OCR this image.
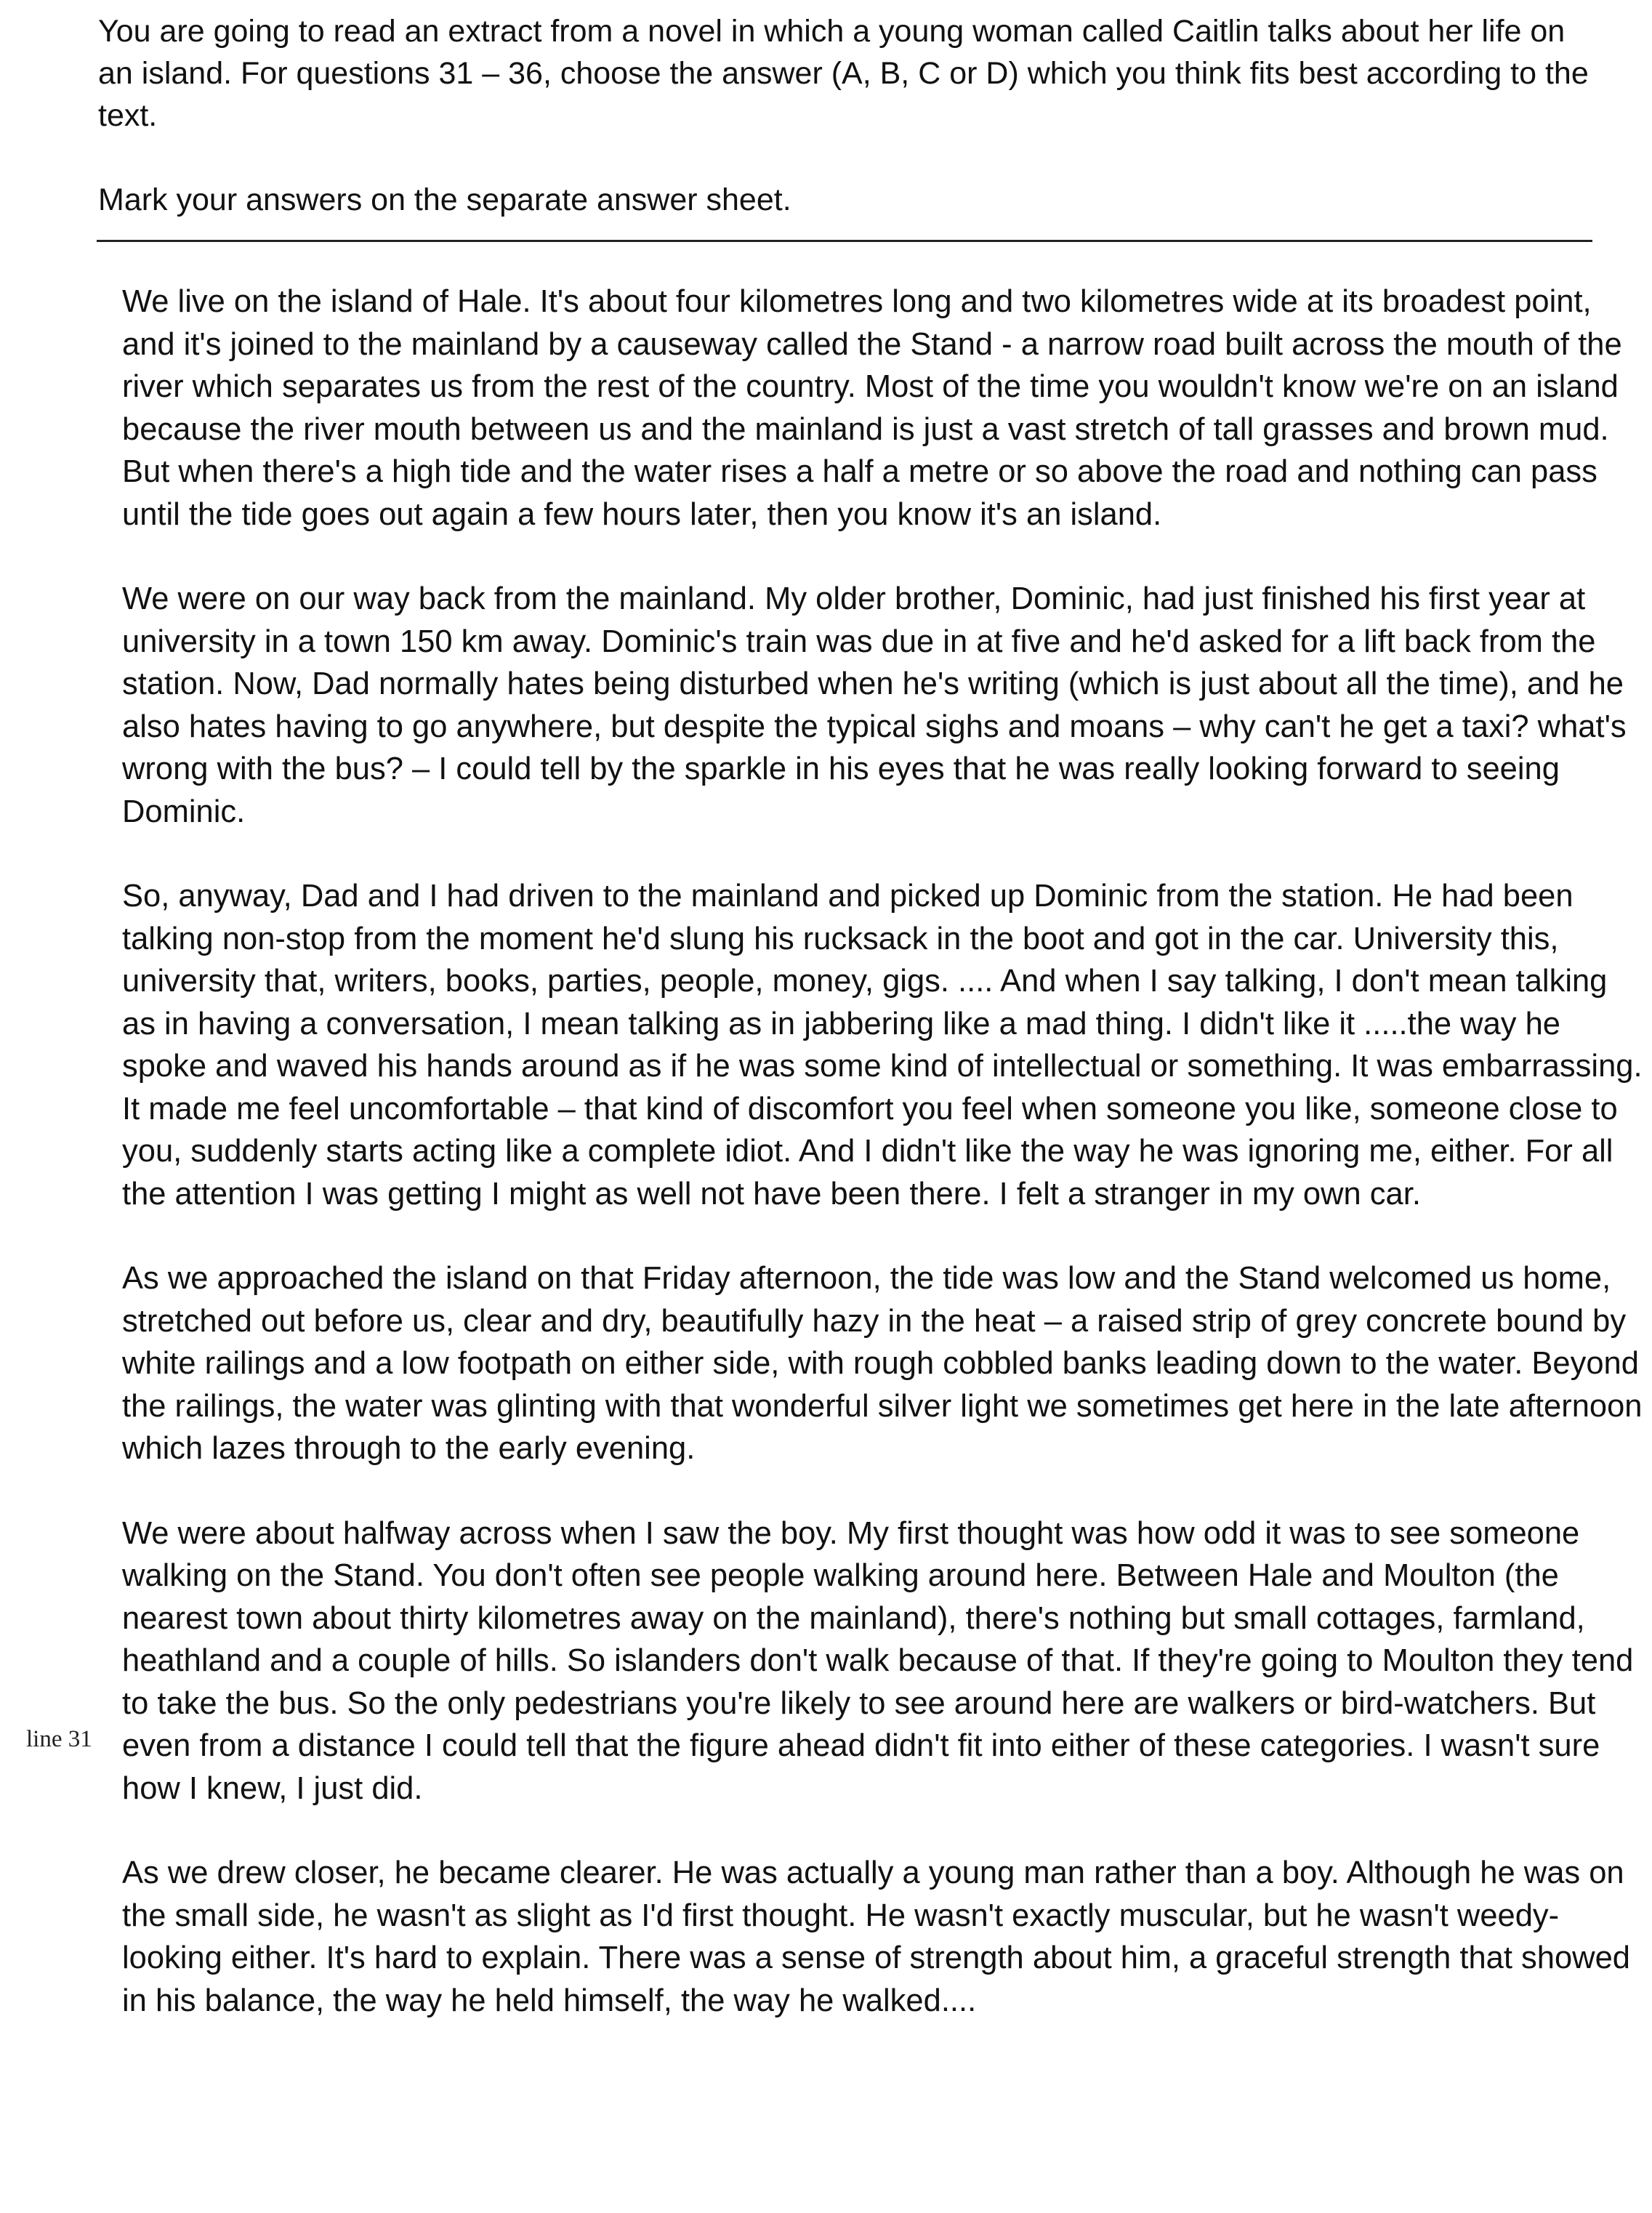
You are going to read an extract from a novel in which a young woman called Caitlin talks about her life on an island. For questions 31 – 36, choose the answer (A, B, C or D) which you think fits best according to the text.

Mark your answers on the separate answer sheet.

We live on the island of Hale. It's about four kilometres long and two kilometres wide at its broadest point, and it's joined to the mainland by a causeway called the Stand - a narrow road built across the mouth of the river which separates us from the rest of the country. Most of the time you wouldn't know we're on an island because the river mouth between us and the mainland is just a vast stretch of tall grasses and brown mud. But when there's a high tide and the water rises a half a metre or so above the road and nothing can pass until the tide goes out again a few hours later, then you know it's an island.

We were on our way back from the mainland. My older brother, Dominic, had just finished his first year at university in a town 150 km away. Dominic's train was due in at five and he'd asked for a lift back from the station. Now, Dad normally hates being disturbed when he's writing (which is just about all the time), and he also hates having to go anywhere, but despite the typical sighs and moans – why can't he get a taxi? what's wrong with the bus? – I could tell by the sparkle in his eyes that he was really looking forward to seeing Dominic.

So, anyway, Dad and I had driven to the mainland and picked up Dominic from the station. He had been talking non-stop from the moment he'd slung his rucksack in the boot and got in the car. University this, university that, writers, books, parties, people, money, gigs. .... And when I say talking, I don't mean talking as in having a conversation, I mean talking as in jabbering like a mad thing. I didn't like it .....the way he spoke and waved his hands around as if he was some kind of intellectual or something. It was embarrassing. It made me feel uncomfortable – that kind of discomfort you feel when someone you like, someone close to you, suddenly starts acting like a complete idiot. And I didn't like the way he was ignoring me, either. For all the attention I was getting I might as well not have been there. I felt a stranger in my own car.

As we approached the island on that Friday afternoon, the tide was low and the Stand welcomed us home, stretched out before us, clear and dry, beautifully hazy in the heat – a raised strip of grey concrete bound by white railings and a low footpath on either side, with rough cobbled banks leading down to the water. Beyond the railings, the water was glinting with that wonderful silver light we sometimes get here in the late afternoon which lazes through to the early evening.

We were about halfway across when I saw the boy. My first thought was how odd it was to see someone walking on the Stand. You don't often see people walking around here. Between Hale and Moulton (the nearest town about thirty kilometres away on the mainland), there's nothing but small cottages, farmland, heathland and a couple of hills. So islanders don't walk because of that. If they're going to Moulton they tend to take the bus. So the only pedestrians you're likely to see around here are walkers or bird-watchers. But even from a distance I could tell that the figure ahead didn't fit into either of these categories. I wasn't sure how I knew, I just did.

As we drew closer, he became clearer. He was actually a young man rather than a boy. Although he was on the small side, he wasn't as slight as I'd first thought. He wasn't exactly muscular, but he wasn't weedy-looking either. It's hard to explain. There was a sense of strength about him, a graceful strength that showed in his balance, the way he held himself, the way he walked....

line 31
